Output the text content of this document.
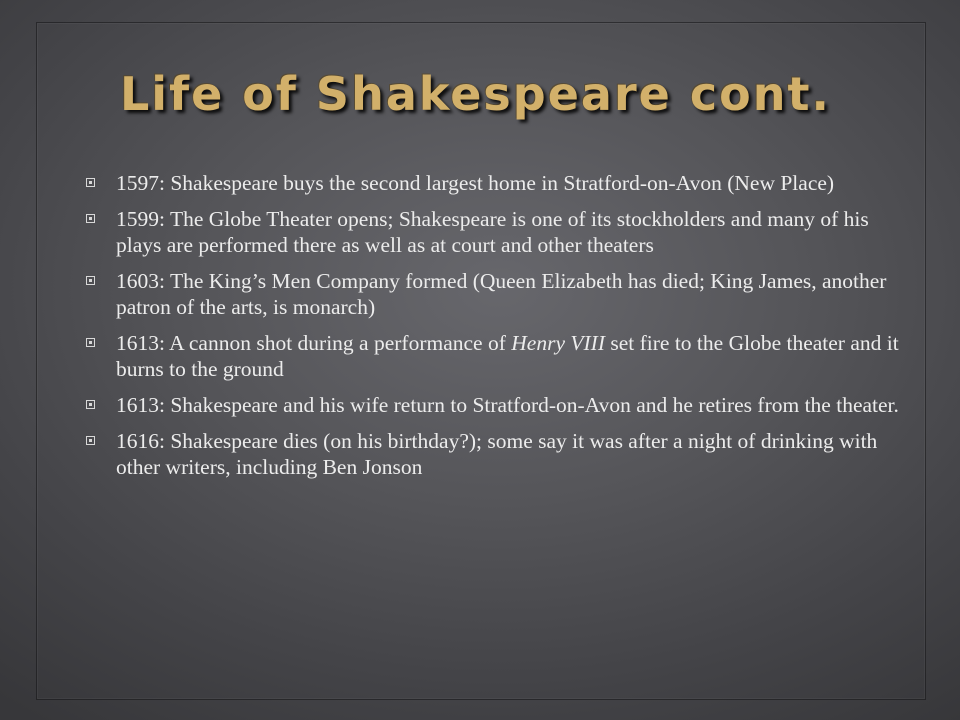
Life of Shakespeare cont.
1597: Shakespeare buys the second largest home in Stratford-on-Avon (New Place)
1599: The Globe Theater opens; Shakespeare is one of its stockholders and many of his plays are performed there as well as at court and other theaters
1603: The King’s Men Company formed (Queen Elizabeth has died; King James, another patron of the arts, is monarch)
1613: A cannon shot during a performance of Henry VIII set fire to the Globe theater and it burns to the ground
1613: Shakespeare and his wife return to Stratford-on-Avon and he retires from the theater.
1616: Shakespeare dies (on his birthday?); some say it was after a night of drinking with other writers, including Ben Jonson
